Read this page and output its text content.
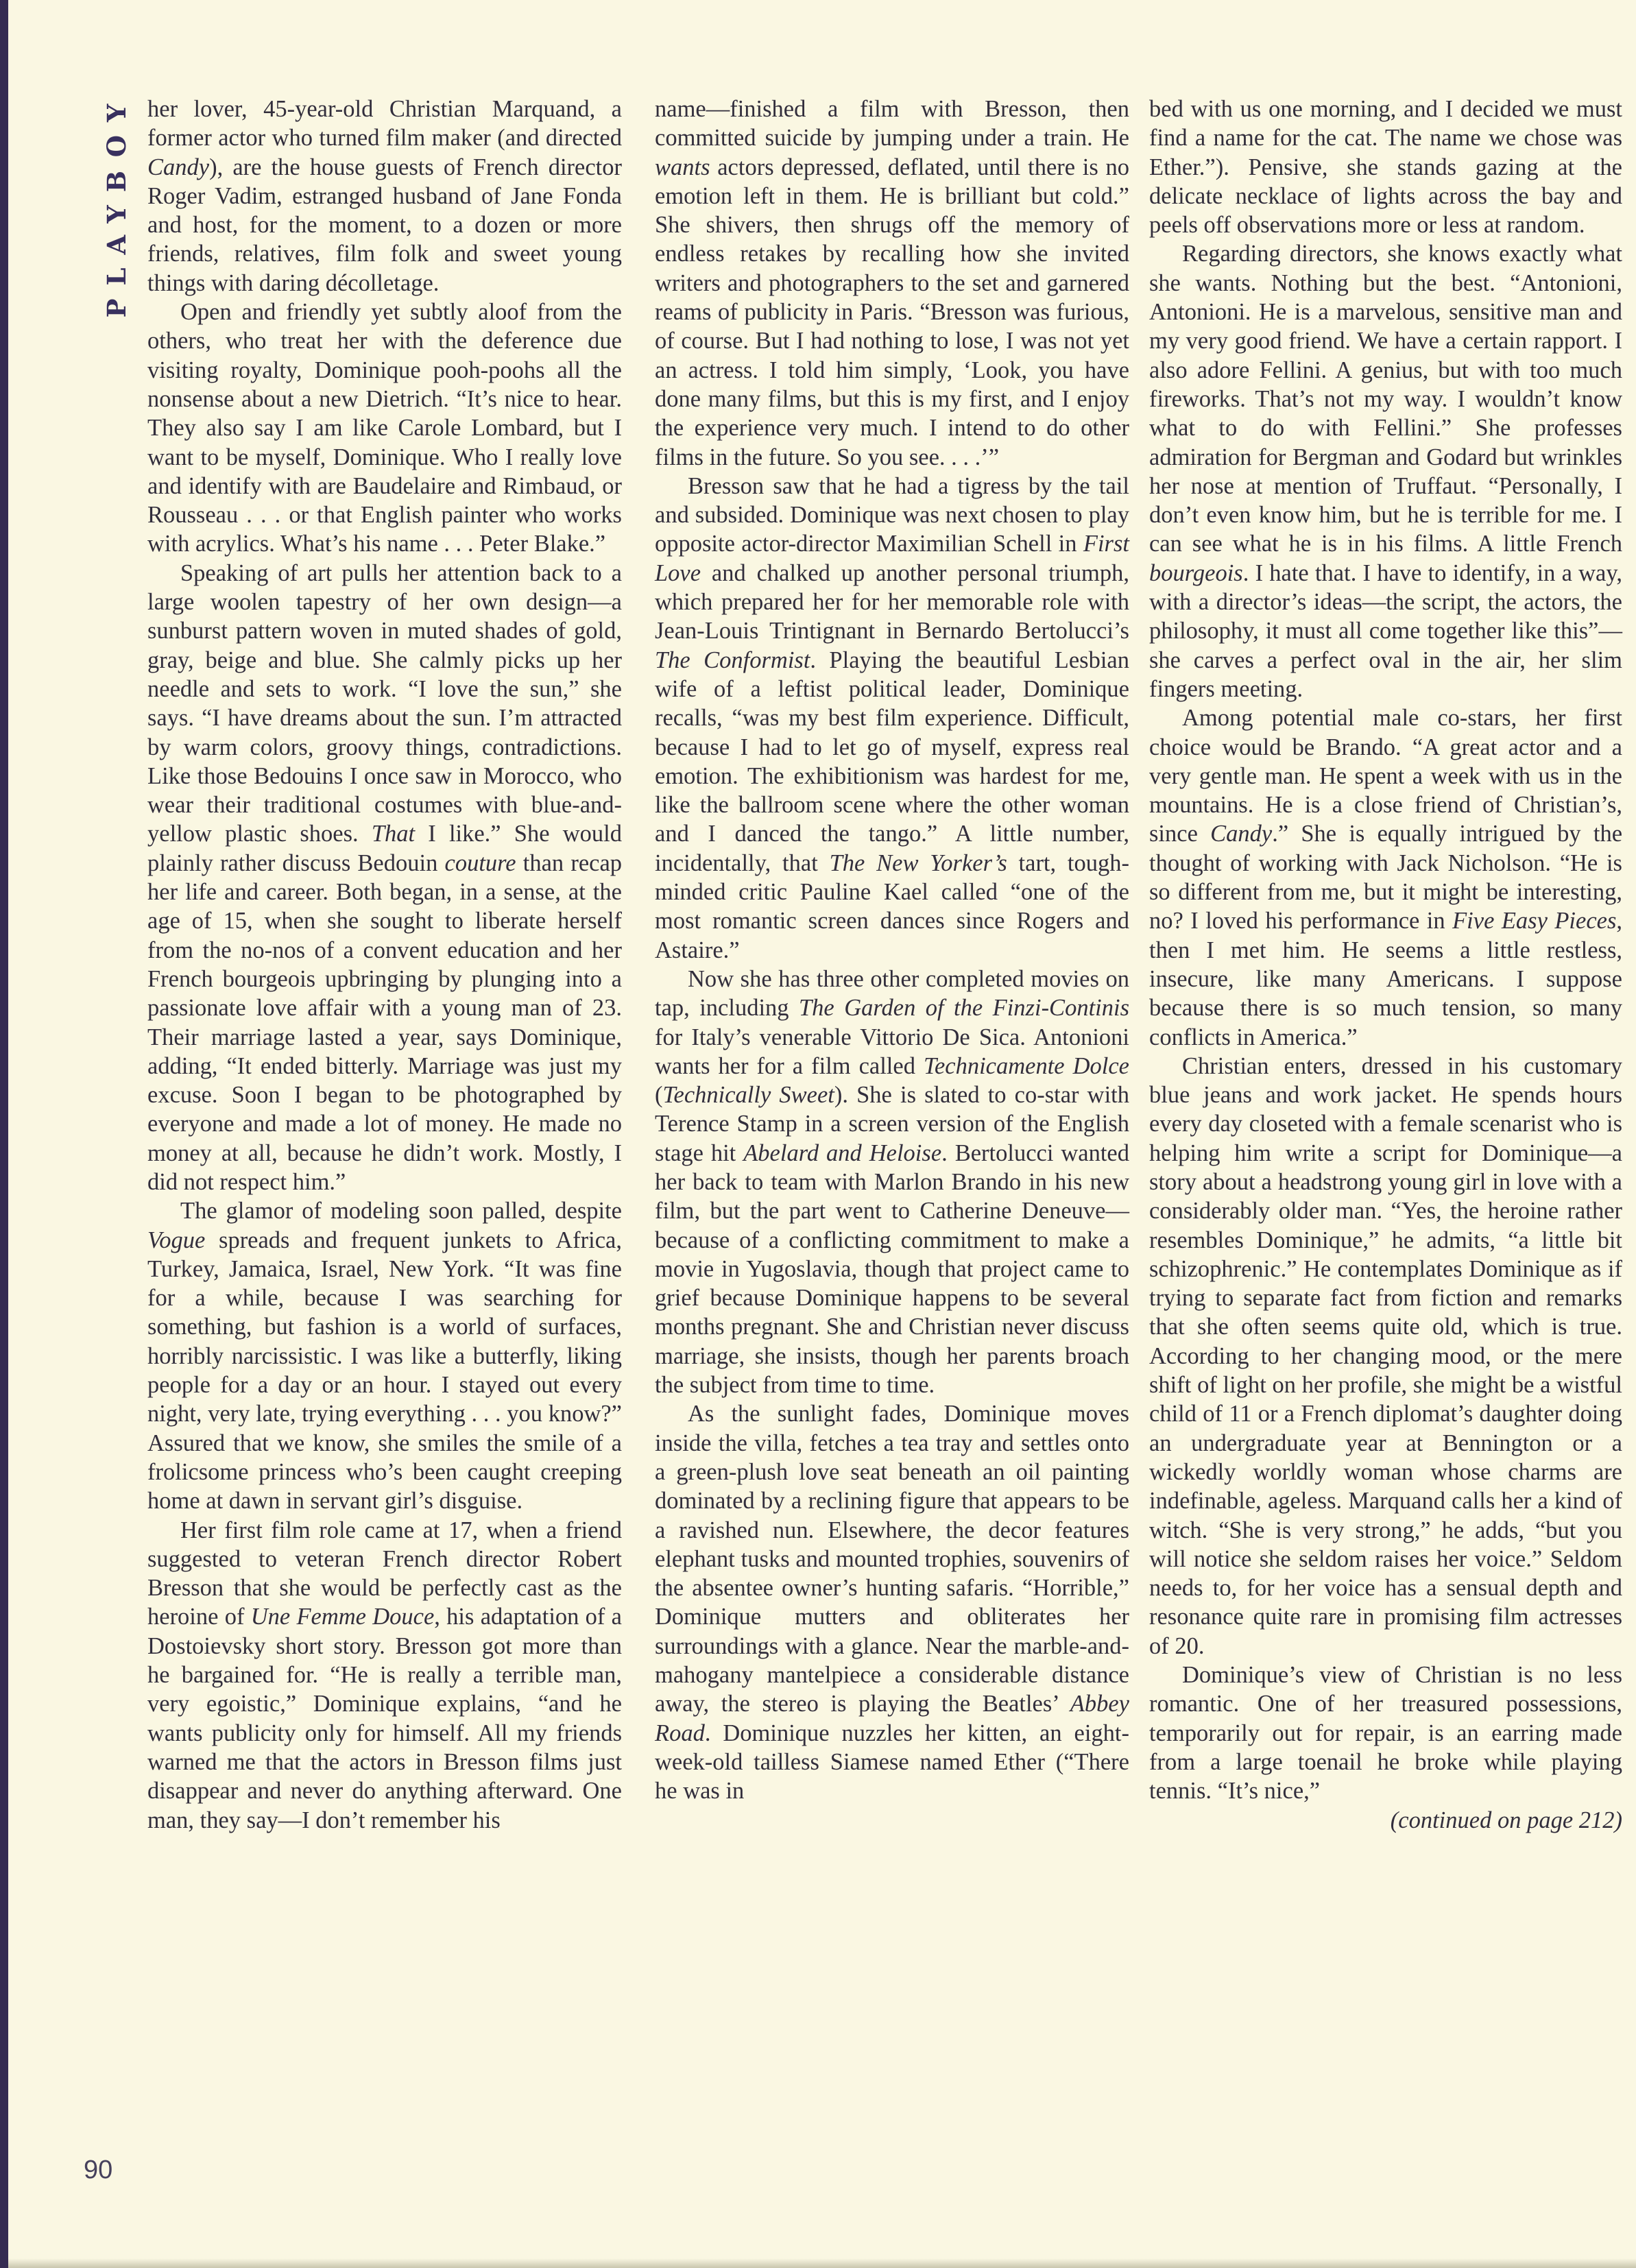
PLAYBOY her lover, 45-year-old Christian Marquand, a former actor who turned film maker (and directed Candy), are the house guests of French director Roger Vadim, estranged husband of Jane Fonda and host, for the moment, to a dozen or more friends, relatives, film folk and sweet young things with daring décolletage.

Open and friendly yet subtly aloof from the others, who treat her with the deference due visiting royalty, Dominique pooh-poohs all the nonsense about a new Dietrich. “It’s nice to hear. They also say I am like Carole Lombard, but I want to be myself, Dominique. Who I really love and identify with are Baudelaire and Rimbaud, or Rousseau . . . or that English painter who works with acrylics. What’s his name . . . Peter Blake.”

Speaking of art pulls her attention back to a large woolen tapestry of her own design—a sunburst pattern woven in muted shades of gold, gray, beige and blue. She calmly picks up her needle and sets to work. “I love the sun,” she says. “I have dreams about the sun. I’m attracted by warm colors, groovy things, contradictions. Like those Bedouins I once saw in Morocco, who wear their traditional costumes with blue-and-yellow plastic shoes. That I like.” She would plainly rather discuss Bedouin couture than recap her life and career. Both began, in a sense, at the age of 15, when she sought to liberate herself from the no-nos of a convent education and her French bourgeois upbringing by plunging into a passionate love affair with a young man of 23. Their marriage lasted a year, says Dominique, adding, “It ended bitterly. Marriage was just my excuse. Soon I began to be photographed by everyone and made a lot of money. He made no money at all, because he didn’t work. Mostly, I did not respect him.”

The glamor of modeling soon palled, despite Vogue spreads and frequent junkets to Africa, Turkey, Jamaica, Israel, New York. “It was fine for a while, because I was searching for something, but fashion is a world of surfaces, horribly narcissistic. I was like a butterfly, liking people for a day or an hour. I stayed out every night, very late, trying everything . . . you know?” Assured that we know, she smiles the smile of a frolicsome princess who’s been caught creeping home at dawn in servant girl’s disguise.

Her first film role came at 17, when a friend suggested to veteran French director Robert Bresson that she would be perfectly cast as the heroine of Une Femme Douce, his adaptation of a Dostoievsky short story. Bresson got more than he bargained for. “He is really a terrible man, very egoistic,” Dominique explains, “and he wants publicity only for himself. All my friends warned me that the actors in Bresson films just disappear and never do anything afterward. One man, they say—I don’t remember his

name—finished a film with Bresson, then committed suicide by jumping under a train. He wants actors depressed, deflated, until there is no emotion left in them. He is brilliant but cold.” She shivers, then shrugs off the memory of endless retakes by recalling how she invited writers and photographers to the set and garnered reams of publicity in Paris. “Bresson was furious, of course. But I had nothing to lose, I was not yet an actress. I told him simply, ‘Look, you have done many films, but this is my first, and I enjoy the experience very much. I intend to do other films in the future. So you see. . . .’”

Bresson saw that he had a tigress by the tail and subsided. Dominique was next chosen to play opposite actor-director Maximilian Schell in First Love and chalked up another personal triumph, which prepared her for her memorable role with Jean-Louis Trintignant in Bernardo Bertolucci’s The Conformist. Playing the beautiful Lesbian wife of a leftist political leader, Dominique recalls, “was my best film experience. Difficult, because I had to let go of myself, express real emotion. The exhibitionism was hardest for me, like the ballroom scene where the other woman and I danced the tango.” A little number, incidentally, that The New Yorker’s tart, tough-minded critic Pauline Kael called “one of the most romantic screen dances since Rogers and Astaire.”

Now she has three other completed movies on tap, including The Garden of the Finzi-Continis for Italy’s venerable Vittorio De Sica. Antonioni wants her for a film called Technicamente Dolce (Technically Sweet). She is slated to co-star with Terence Stamp in a screen version of the English stage hit Abelard and Heloise. Bertolucci wanted her back to team with Marlon Brando in his new film, but the part went to Catherine Deneuve—because of a conflicting commitment to make a movie in Yugoslavia, though that project came to grief because Dominique happens to be several months pregnant. She and Christian never discuss marriage, she insists, though her parents broach the subject from time to time.

As the sunlight fades, Dominique moves inside the villa, fetches a tea tray and settles onto a green-plush love seat beneath an oil painting dominated by a reclining figure that appears to be a ravished nun. Elsewhere, the decor features elephant tusks and mounted trophies, souvenirs of the absentee owner’s hunting safaris. “Horrible,” Dominique mutters and obliterates her surroundings with a glance. Near the marble-and-mahogany mantelpiece a considerable distance away, the stereo is playing the Beatles’ Abbey Road. Dominique nuzzles her kitten, an eight-week-old tailless Siamese named Ether (“There he was in

bed with us one morning, and I decided we must find a name for the cat. The name we chose was Ether.”). Pensive, she stands gazing at the delicate necklace of lights across the bay and peels off observations more or less at random.

Regarding directors, she knows exactly what she wants. Nothing but the best. “Antonioni, Antonioni. He is a marvelous, sensitive man and my very good friend. We have a certain rapport. I also adore Fellini. A genius, but with too much fireworks. That’s not my way. I wouldn’t know what to do with Fellini.” She professes admiration for Bergman and Godard but wrinkles her nose at mention of Truffaut. “Personally, I don’t even know him, but he is terrible for me. I can see what he is in his films. A little French bourgeois. I hate that. I have to identify, in a way, with a director’s ideas—the script, the actors, the philosophy, it must all come together like this”—she carves a perfect oval in the air, her slim fingers meeting.

Among potential male co-stars, her first choice would be Brando. “A great actor and a very gentle man. He spent a week with us in the mountains. He is a close friend of Christian’s, since Candy.” She is equally intrigued by the thought of working with Jack Nicholson. “He is so different from me, but it might be interesting, no? I loved his performance in Five Easy Pieces, then I met him. He seems a little restless, insecure, like many Americans. I suppose because there is so much tension, so many conflicts in America.”

Christian enters, dressed in his customary blue jeans and work jacket. He spends hours every day closeted with a female scenarist who is helping him write a script for Dominique—a story about a headstrong young girl in love with a considerably older man. “Yes, the heroine rather resembles Dominique,” he admits, “a little bit schizophrenic.” He contemplates Dominique as if trying to separate fact from fiction and remarks that she often seems quite old, which is true. According to her changing mood, or the mere shift of light on her profile, she might be a wistful child of 11 or a French diplomat’s daughter doing an undergraduate year at Bennington or a wickedly worldly woman whose charms are indefinable, ageless. Marquand calls her a kind of witch. “She is very strong,” he adds, “but you will notice she seldom raises her voice.” Seldom needs to, for her voice has a sensual depth and resonance quite rare in promising film actresses of 20.

Dominique’s view of Christian is no less romantic. One of her treasured possessions, temporarily out for repair, is an earring made from a large toenail he broke while playing tennis. “It’s nice,”

(continued on page 212)

90
